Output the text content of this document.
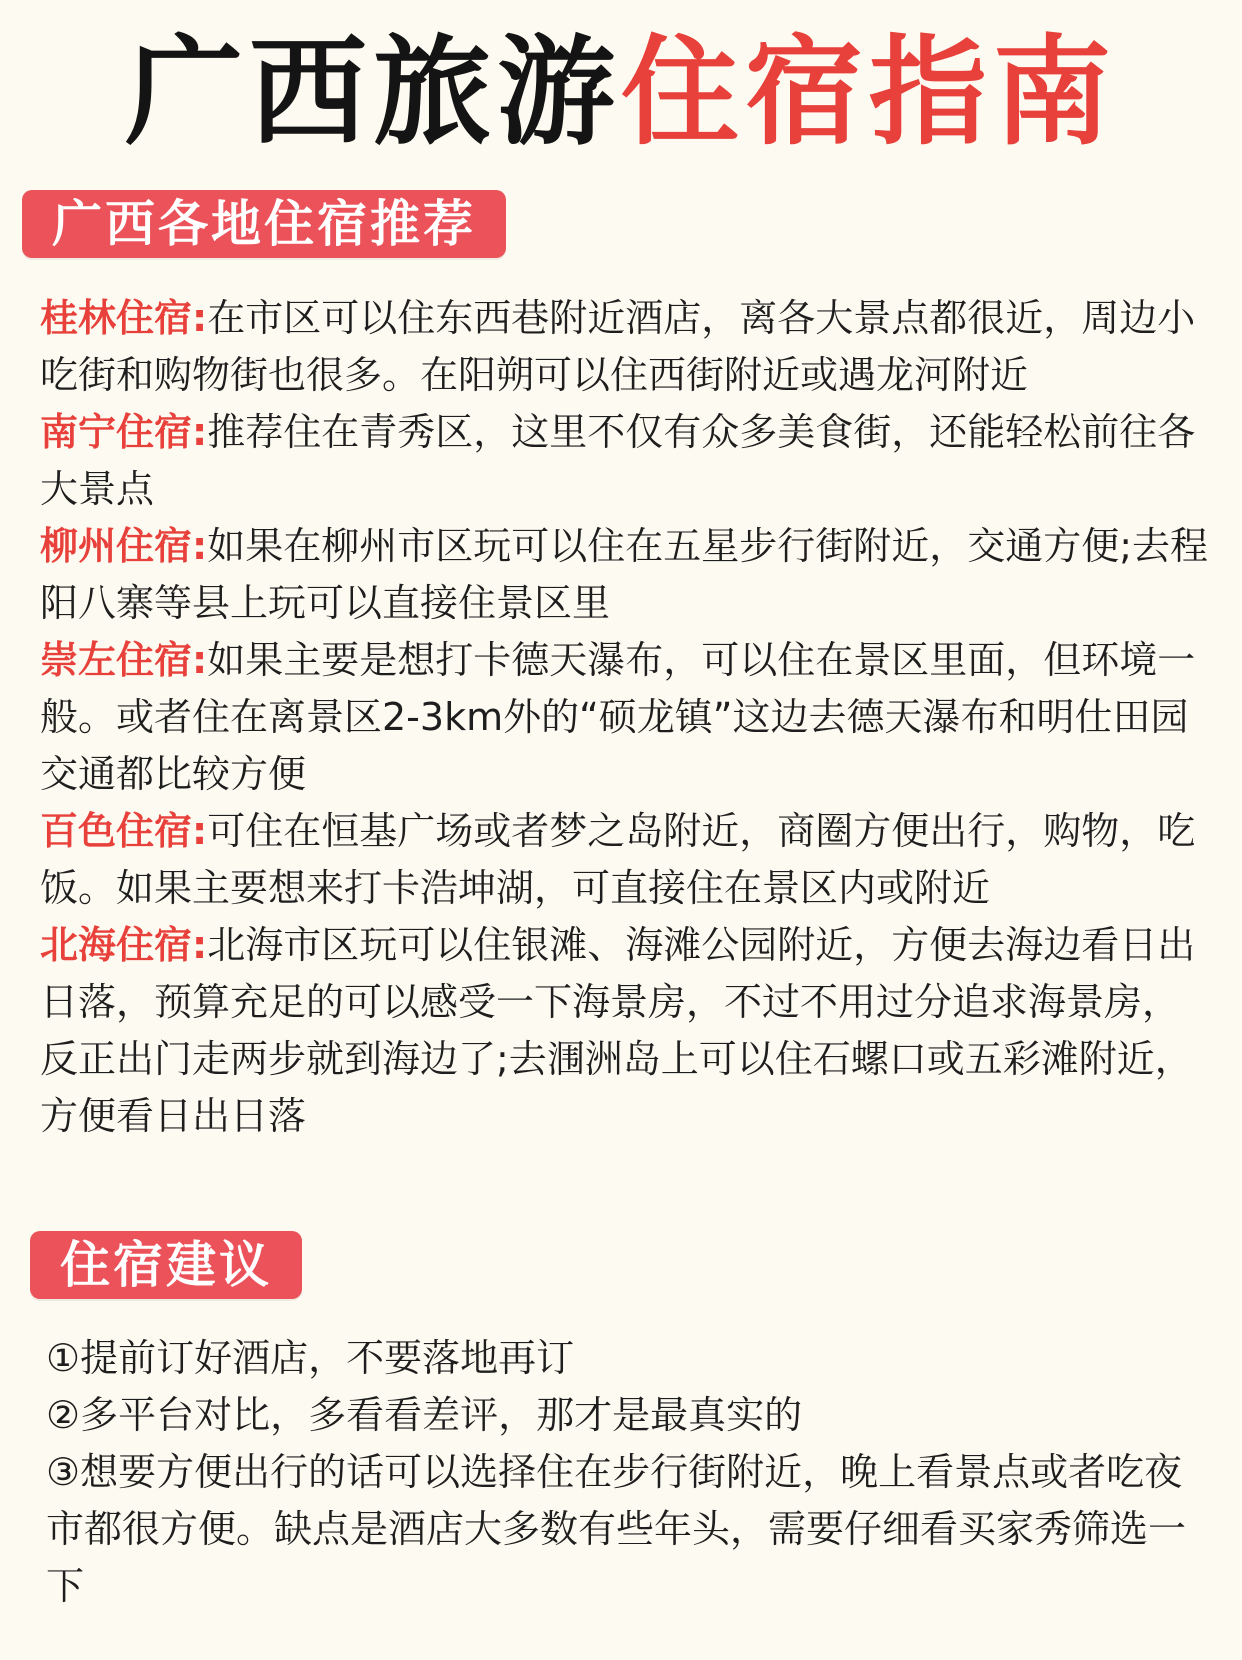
广西旅游住宿指南
广西各地住宿推荐

桂林住宿:在市区可以住东西巷附近酒店，离各大景点都很近，周边小吃街和购物街也很多。在阳朔可以住西街附近或遇龙河附近

南宁住宿:推荐住在青秀区，这里不仅有众多美食街，还能轻松前往各大景点

柳州住宿:如果在柳州市区玩可以住在五星步行街附近，交通方便;去程阳八寨等县上玩可以直接住景区里

崇左住宿:如果主要是想打卡德天瀑布，可以住在景区里面，但环境一般。或者住在离景区2-3km外的“硕龙镇”这边去德天瀑布和明仕田园交通都比较方便

百色住宿:可住在恒基广场或者梦之岛附近，商圈方便出行，购物，吃饭。如果主要想来打卡浩坤湖，可直接住在景区内或附近

北海住宿:北海市区玩可以住银滩、海滩公园附近，方便去海边看日出日落，预算充足的可以感受一下海景房，不过不用过分追求海景房，反正出门走两步就到海边了;去涠洲岛上可以住石螺口或五彩滩附近，方便看日出日落

住宿建议

①提前订好酒店，不要落地再订

②多平台对比，多看看差评，那才是最真实的

③想要方便出行的话可以选择住在步行街附近，晚上看景点或者吃夜市都很方便。缺点是酒店大多数有些年头，需要仔细看买家秀筛选一下
